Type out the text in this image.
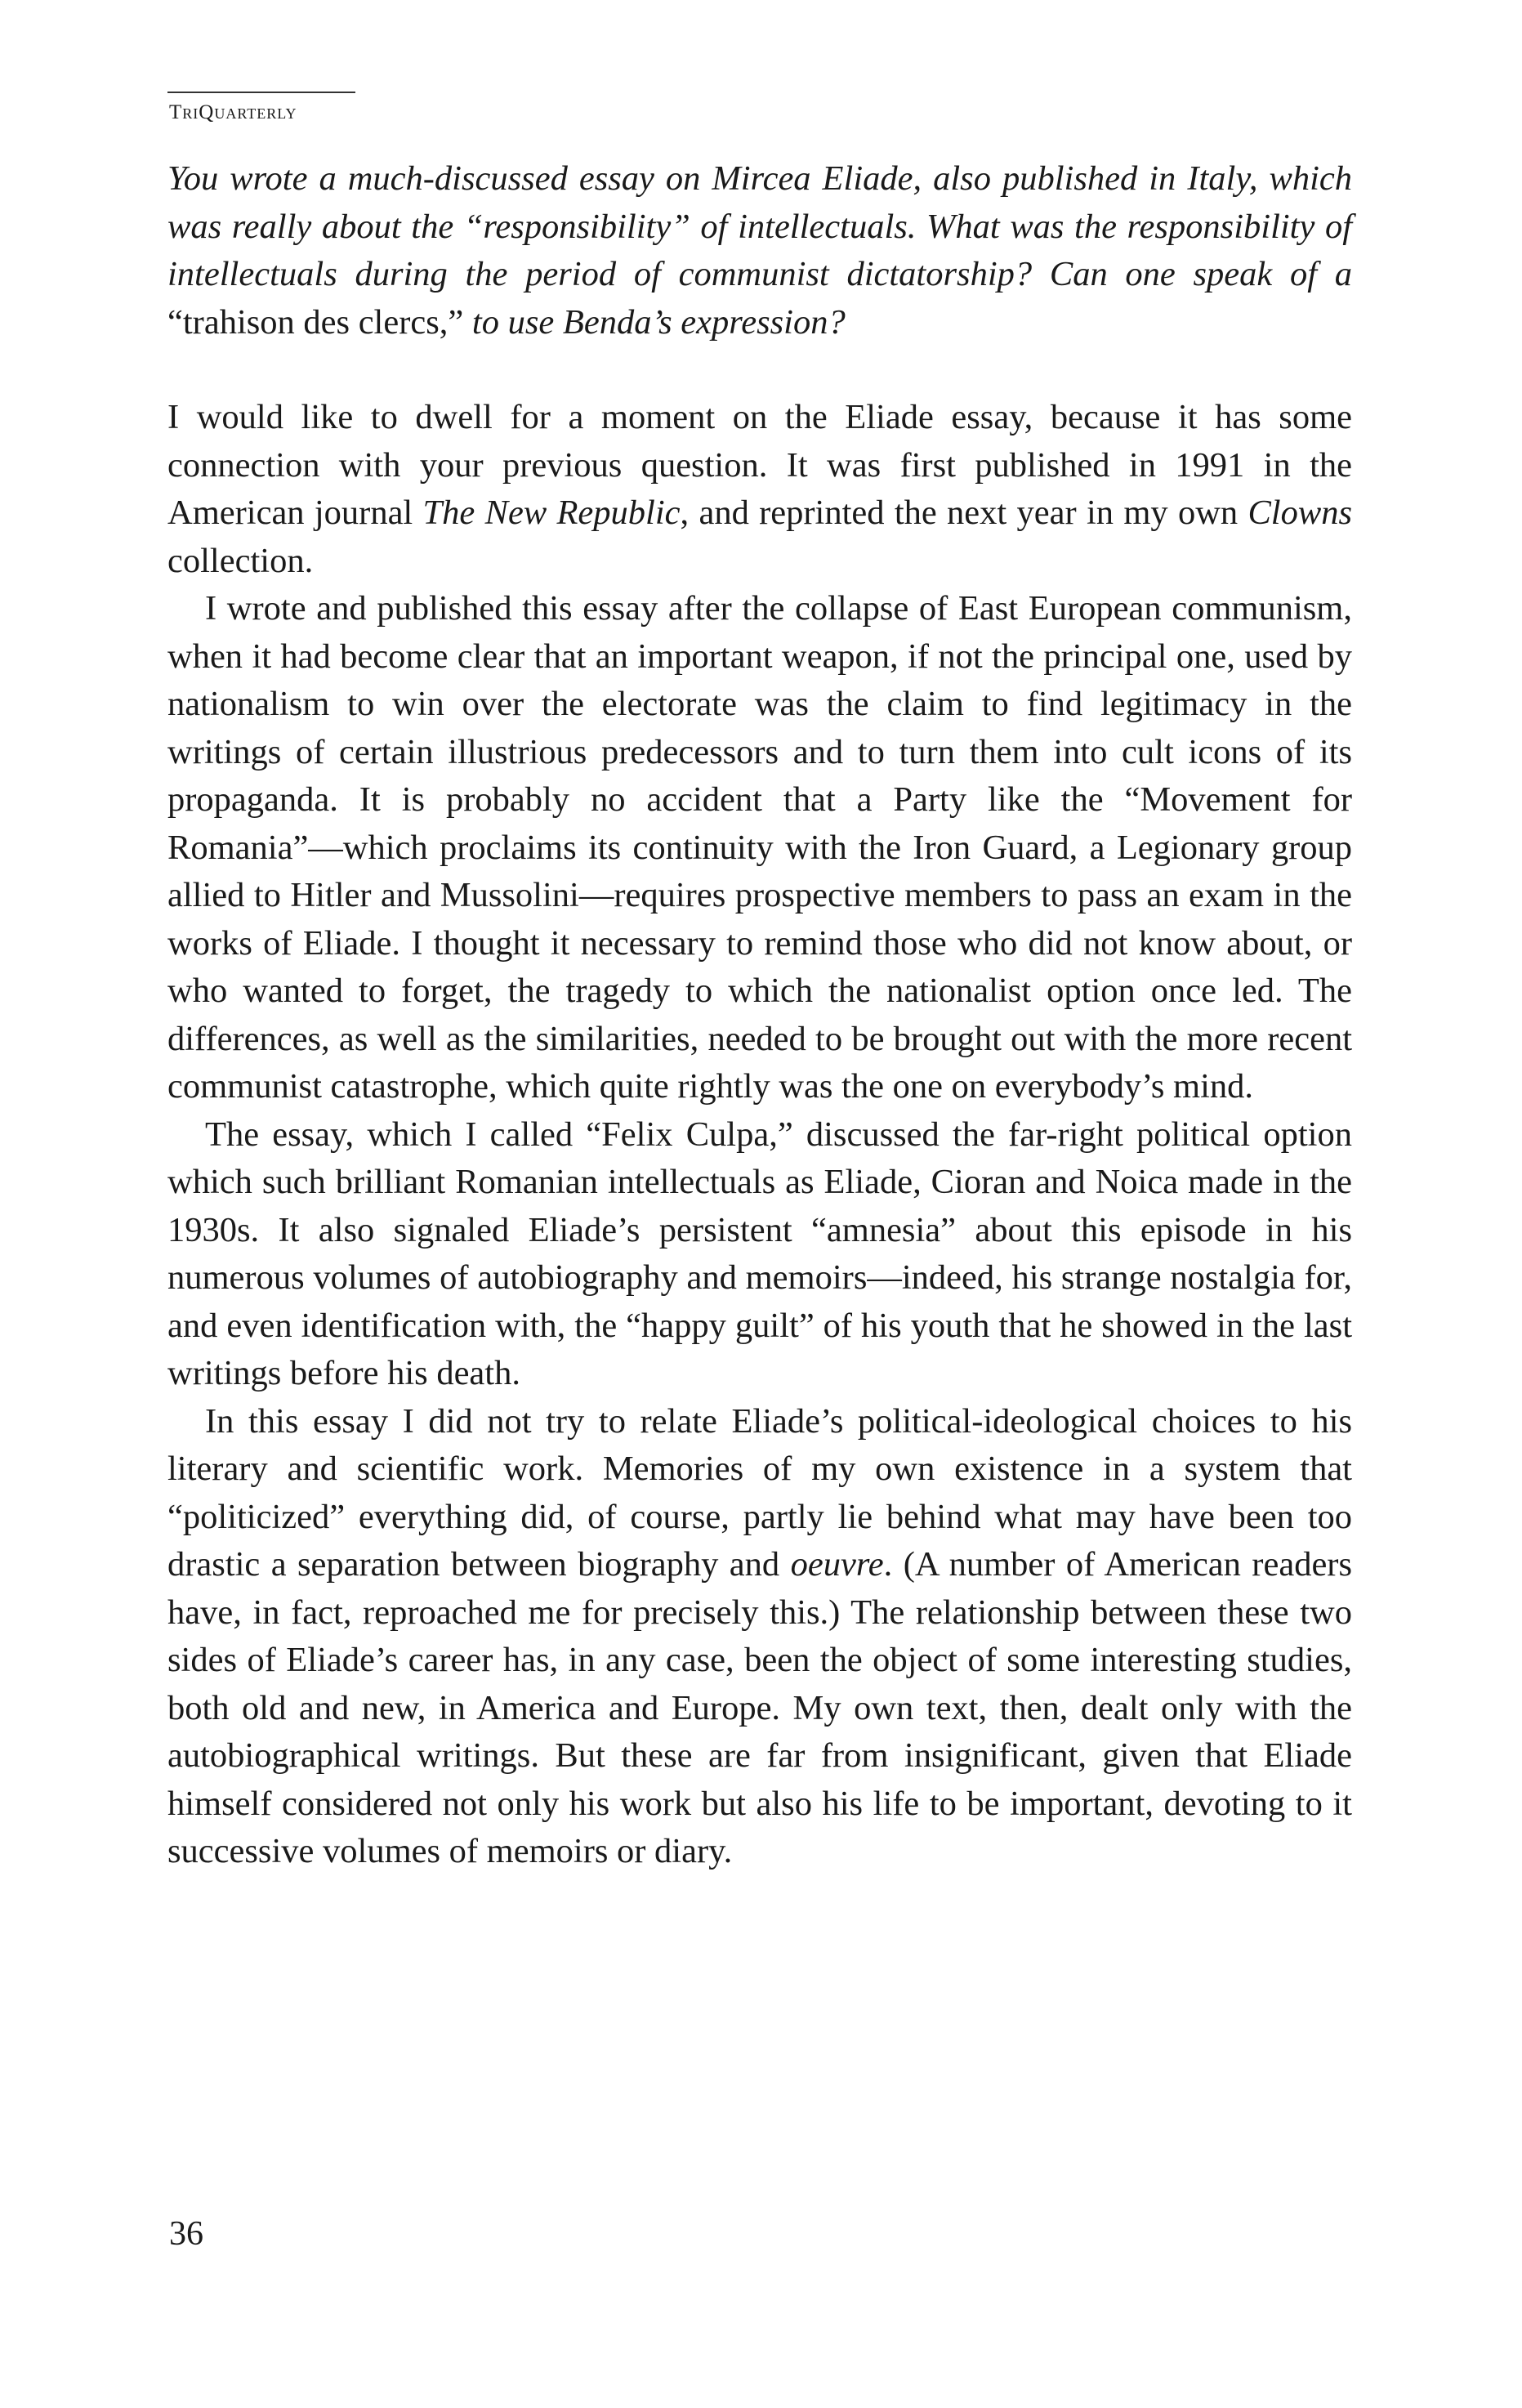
TriQuarterly

You wrote a much-discussed essay on Mircea Eliade, also published in Italy, which was really about the “responsibility” of intellectuals. What was the responsibility of intellectuals during the period of communist dictatorship? Can one speak of a “trahison des clercs,” to use Benda’s expression?

I would like to dwell for a moment on the Eliade essay, because it has some connection with your previous question. It was first published in 1991 in the American journal The New Republic, and reprinted the next year in my own Clowns collection.

I wrote and published this essay after the collapse of East European communism, when it had become clear that an important weapon, if not the principal one, used by nationalism to win over the electorate was the claim to find legitimacy in the writings of certain illustrious predecessors and to turn them into cult icons of its propaganda. It is probably no accident that a Party like the “Movement for Romania”—which proclaims its continuity with the Iron Guard, a Legionary group allied to Hitler and Mussolini—requires prospective members to pass an exam in the works of Eliade. I thought it necessary to remind those who did not know about, or who wanted to forget, the tragedy to which the nationalist option once led. The differences, as well as the similarities, needed to be brought out with the more recent communist catastrophe, which quite rightly was the one on everybody’s mind.

The essay, which I called “Felix Culpa,” discussed the far-right political option which such brilliant Romanian intellectuals as Eliade, Cioran and Noica made in the 1930s. It also signaled Eliade’s persistent “amnesia” about this episode in his numerous volumes of autobiography and memoirs—indeed, his strange nostalgia for, and even identification with, the “happy guilt” of his youth that he showed in the last writings before his death.

In this essay I did not try to relate Eliade’s political-ideological choices to his literary and scientific work. Memories of my own existence in a system that “politicized” everything did, of course, partly lie behind what may have been too drastic a separation between biography and oeuvre. (A number of American readers have, in fact, reproached me for precisely this.) The relationship between these two sides of Eliade’s career has, in any case, been the object of some interesting studies, both old and new, in America and Europe. My own text, then, dealt only with the autobiographical writings. But these are far from insignificant, given that Eliade himself considered not only his work but also his life to be important, devoting to it successive volumes of memoirs or diary.

36
